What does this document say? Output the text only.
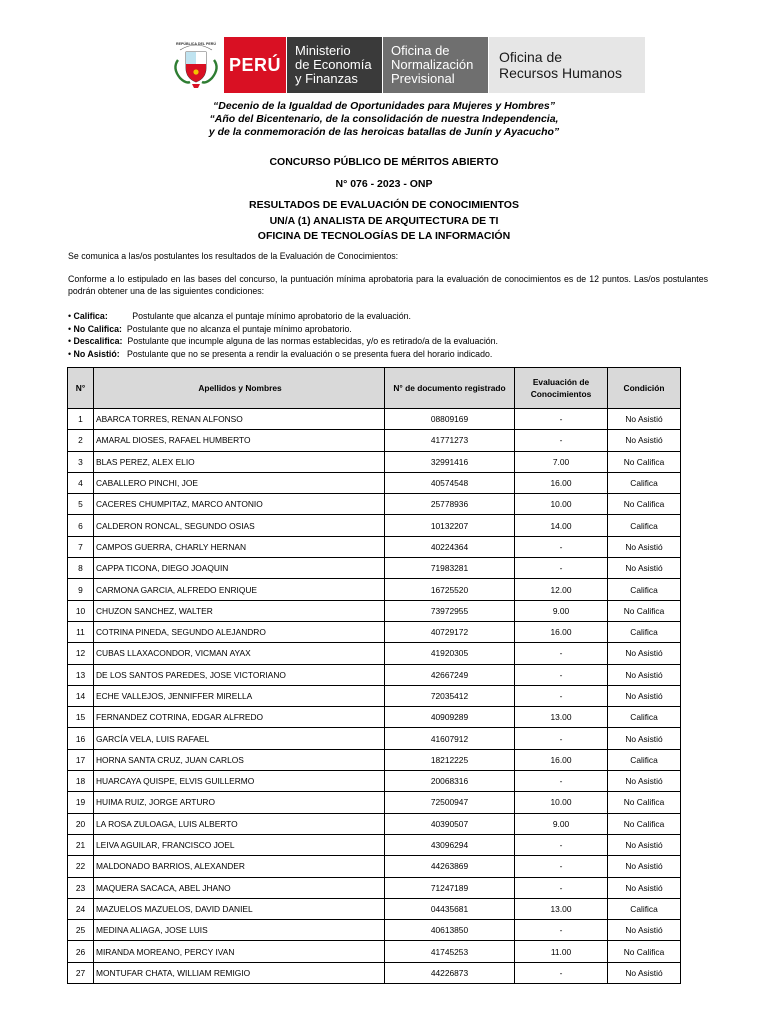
REPÚBLICA DEL PERÚ
PERÚ
Ministerio
de Economía
y Finanzas
Oficina de
Normalización
Previsional
Oficina de
Recursos Humanos
“Decenio de la Igualdad de Oportunidades para Mujeres y Hombres”
“Año del Bicentenario, de la consolidación de nuestra Independencia,
y de la conmemoración de las heroicas batallas de Junín y Ayacucho”
CONCURSO PÚBLICO DE MÉRITOS ABIERTO
N° 076 - 2023 - ONP
RESULTADOS DE EVALUACIÓN DE CONOCIMIENTOS
UN/A (1) ANALISTA DE ARQUITECTURA DE TI
OFICINA DE TECNOLOGÍAS DE LA INFORMACIÓN
Se comunica a las/os postulantes los resultados de la Evaluación de Conocimientos:
Conforme a lo estipulado en las bases del concurso, la puntuación mínima aprobatoria para la evaluación de conocimientos es de 12 puntos. Las/os postulantes podrán obtener una de las siguientes condiciones:
• Califica:	Postulante que alcanza el puntaje mínimo aprobatorio de la evaluación.
• No Califica: Postulante que no alcanza el puntaje mínimo aprobatorio.
• Descalifica: Postulante que incumple alguna de las normas establecidas, y/o es retirado/a de la evaluación.
• No Asistió: Postulante que no se presenta a rendir la evaluación o se presenta fuera del horario indicado.
N°	Apellidos y Nombres	N° de documento registrado	Evaluación de Conocimientos	Condición
1	ABARCA TORRES, RENAN ALFONSO	08809169	-	No Asistió
2	AMARAL DIOSES, RAFAEL HUMBERTO	41771273	-	No Asistió
3	BLAS PEREZ, ALEX ELIO	32991416	7.00	No Califica
4	CABALLERO PINCHI, JOE	40574548	16.00	Califica
5	CACERES CHUMPITAZ, MARCO ANTONIO	25778936	10.00	No Califica
6	CALDERON RONCAL, SEGUNDO OSIAS	10132207	14.00	Califica
7	CAMPOS GUERRA, CHARLY HERNAN	40224364	-	No Asistió
8	CAPPA TICONA, DIEGO JOAQUIN	71983281	-	No Asistió
9	CARMONA GARCIA, ALFREDO ENRIQUE	16725520	12.00	Califica
10	CHUZON SANCHEZ, WALTER	73972955	9.00	No Califica
11	COTRINA PINEDA, SEGUNDO ALEJANDRO	40729172	16.00	Califica
12	CUBAS LLAXACONDOR, VICMAN AYAX	41920305	-	No Asistió
13	DE LOS SANTOS PAREDES, JOSE VICTORIANO	42667249	-	No Asistió
14	ECHE VALLEJOS, JENNIFFER MIRELLA	72035412	-	No Asistió
15	FERNANDEZ COTRINA, EDGAR ALFREDO	40909289	13.00	Califica
16	GARCÍA VELA, LUIS RAFAEL	41607912	-	No Asistió
17	HORNA SANTA CRUZ, JUAN CARLOS	18212225	16.00	Califica
18	HUARCAYA QUISPE, ELVIS GUILLERMO	20068316	-	No Asistió
19	HUIMA RUIZ, JORGE ARTURO	72500947	10.00	No Califica
20	LA ROSA ZULOAGA, LUIS ALBERTO	40390507	9.00	No Califica
21	LEIVA AGUILAR, FRANCISCO JOEL	43096294	-	No Asistió
22	MALDONADO BARRIOS, ALEXANDER	44263869	-	No Asistió
23	MAQUERA SACACA, ABEL JHANO	71247189	-	No Asistió
24	MAZUELOS MAZUELOS, DAVID DANIEL	04435681	13.00	Califica
25	MEDINA ALIAGA, JOSE LUIS	40613850	-	No Asistió
26	MIRANDA MOREANO, PERCY IVAN	41745253	11.00	No Califica
27	MONTUFAR CHATA, WILLIAM REMIGIO	44226873	-	No Asistió
